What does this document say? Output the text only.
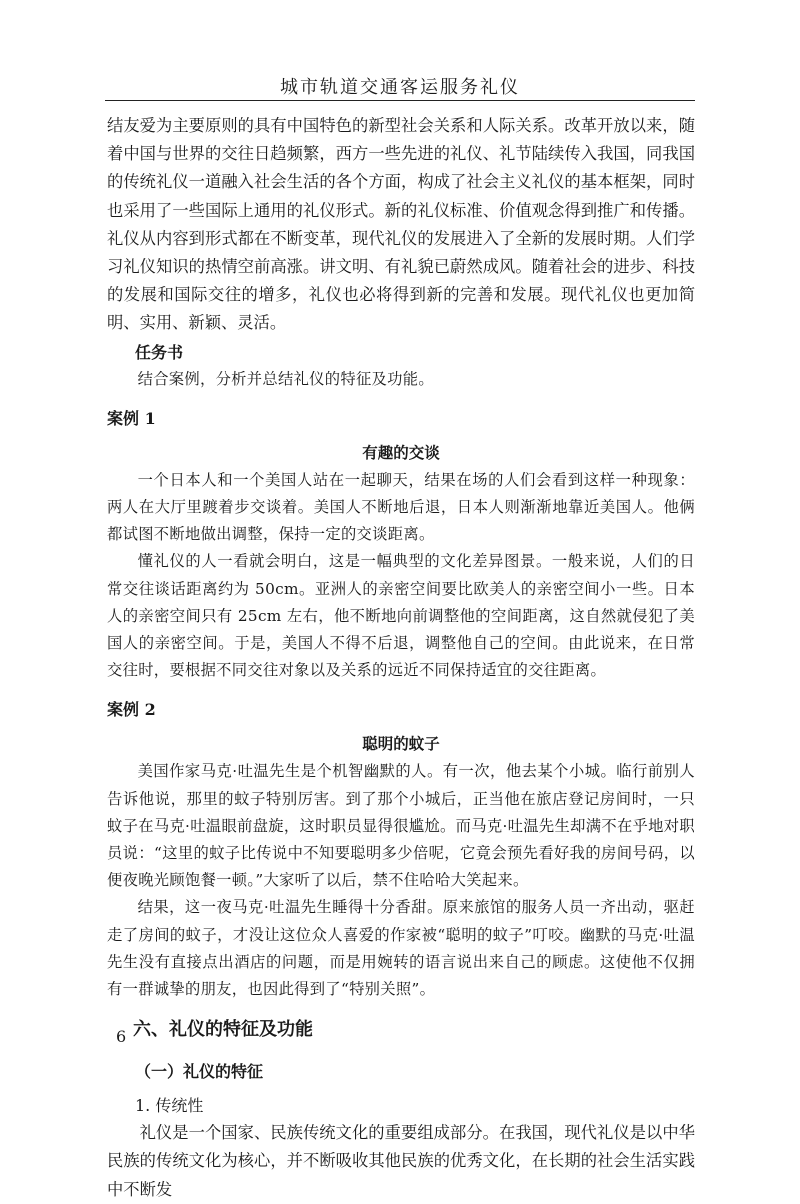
城市轨道交通客运服务礼仪

结友爱为主要原则的具有中国特色的新型社会关系和人际关系。改革开放以来，随着中国与世界的交往日趋频繁，西方一些先进的礼仪、礼节陆续传入我国，同我国的传统礼仪一道融入社会生活的各个方面，构成了社会主义礼仪的基本框架，同时也采用了一些国际上通用的礼仪形式。新的礼仪标准、价值观念得到推广和传播。礼仪从内容到形式都在不断变革，现代礼仪的发展进入了全新的发展时期。人们学习礼仪知识的热情空前高涨。讲文明、有礼貌已蔚然成风。随着社会的进步、科技的发展和国际交往的增多，礼仪也必将得到新的完善和发展。现代礼仪也更加简明、实用、新颖、灵活。

任务书

结合案例，分析并总结礼仪的特征及功能。

案例 1
有趣的交谈

一个日本人和一个美国人站在一起聊天，结果在场的人们会看到这样一种现象：两人在大厅里踱着步交谈着。美国人不断地后退，日本人则渐渐地靠近美国人。他俩都试图不断地做出调整，保持一定的交谈距离。

懂礼仪的人一看就会明白，这是一幅典型的文化差异图景。一般来说，人们的日常交往谈话距离约为 50cm。亚洲人的亲密空间要比欧美人的亲密空间小一些。日本人的亲密空间只有 25cm 左右，他不断地向前调整他的空间距离，这自然就侵犯了美国人的亲密空间。于是，美国人不得不后退，调整他自己的空间。由此说来，在日常交往时，要根据不同交往对象以及关系的远近不同保持适宜的交往距离。

案例 2
聪明的蚊子

美国作家马克·吐温先生是个机智幽默的人。有一次，他去某个小城。临行前别人告诉他说，那里的蚊子特别厉害。到了那个小城后，正当他在旅店登记房间时，一只蚊子在马克·吐温眼前盘旋，这时职员显得很尴尬。而马克·吐温先生却满不在乎地对职员说：“这里的蚊子比传说中不知要聪明多少倍呢，它竟会预先看好我的房间号码，以便夜晚光顾饱餐一顿。”大家听了以后，禁不住哈哈大笑起来。

结果，这一夜马克·吐温先生睡得十分香甜。原来旅馆的服务人员一齐出动，驱赶走了房间的蚊子，才没让这位众人喜爱的作家被“聪明的蚊子”叮咬。幽默的马克·吐温先生没有直接点出酒店的问题，而是用婉转的语言说出来自己的顾虑。这使他不仅拥有一群诚挚的朋友，也因此得到了“特别关照”。

六、礼仪的特征及功能
（一）礼仪的特征
1. 传统性

礼仪是一个国家、民族传统文化的重要组成部分。在我国，现代礼仪是以中华民族的传统文化为核心，并不断吸收其他民族的优秀文化，在长期的社会生活实践中不断发

6
